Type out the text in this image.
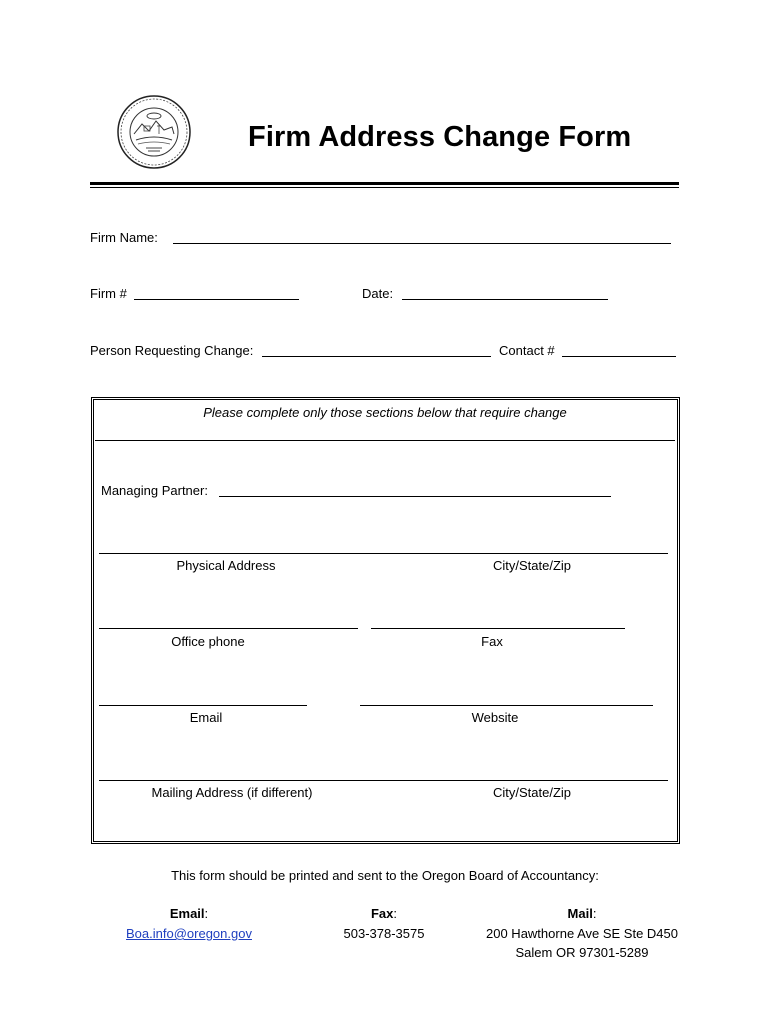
Firm Address Change Form
Firm Name:
Firm #	Date:
Person Requesting Change:	Contact #
Please complete only those sections below that require change
Managing Partner:
Physical Address	City/State/Zip
Office phone	Fax
Email	Website
Mailing Address (if different)	City/State/Zip
This form should be printed and sent to the Oregon Board of Accountancy:
Email:
Boa.info@oregon.gov
Fax:
503-378-3575
Mail:
200 Hawthorne Ave SE Ste D450
Salem OR 97301-5289
